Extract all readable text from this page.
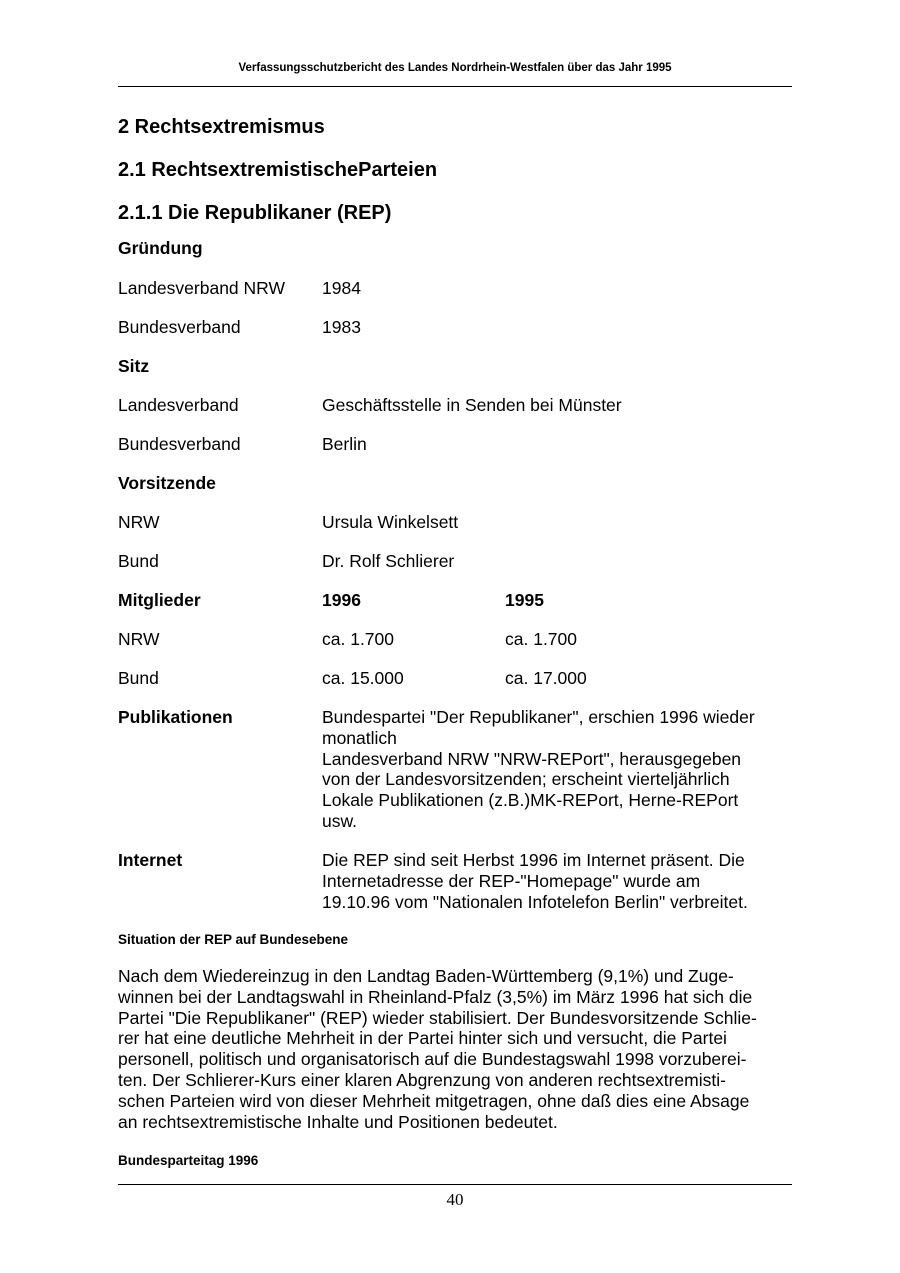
Verfassungsschutzbericht des Landes Nordrhein-Westfalen über das Jahr 1995
2 Rechtsextremismus
2.1 RechtsextremistischeParteien
2.1.1 Die Republikaner (REP)
Gründung
Landesverband NRW 1984
Bundesverband	1983
Sitz
Landesverband	Geschäftsstelle in Senden bei Münster
Bundesverband	Berlin
Vorsitzende
NRW	Ursula Winkelsett
Bund	Dr. Rolf Schlierer
Mitglieder	1996	1995
NRW	ca. 1.700	ca. 1.700
Bund	ca. 15.000	ca. 17.000
Publikationen	Bundespartei "Der Republikaner", erschien 1996 wieder
monatlich
Landesverband NRW "NRW-REPort", herausgegeben
von der Landesvorsitzenden; erscheint vierteljährlich
Lokale Publikationen (z.B.)MK-REPort, Herne-REPort
usw.
Internet	Die REP sind seit Herbst 1996 im Internet präsent. Die
Internetadresse der REP-"Homepage" wurde am
19.10.96 vom "Nationalen Infotelefon Berlin" verbreitet.
Situation der REP auf Bundesebene
Nach dem Wiedereinzug in den Landtag Baden-Württemberg (9,1%) und Zuge-
winnen bei der Landtagswahl in Rheinland-Pfalz (3,5%) im März 1996 hat sich die
Partei "Die Republikaner" (REP) wieder stabilisiert. Der Bundesvorsitzende Schlie-
rer hat eine deutliche Mehrheit in der Partei hinter sich und versucht, die Partei
personell, politisch und organisatorisch auf die Bundestagswahl 1998 vorzuberei-
ten. Der Schlierer-Kurs einer klaren Abgrenzung von anderen rechtsextremisti-
schen Parteien wird von dieser Mehrheit mitgetragen, ohne daß dies eine Absage
an rechtsextremistische Inhalte und Positionen bedeutet.
Bundesparteitag 1996
40
